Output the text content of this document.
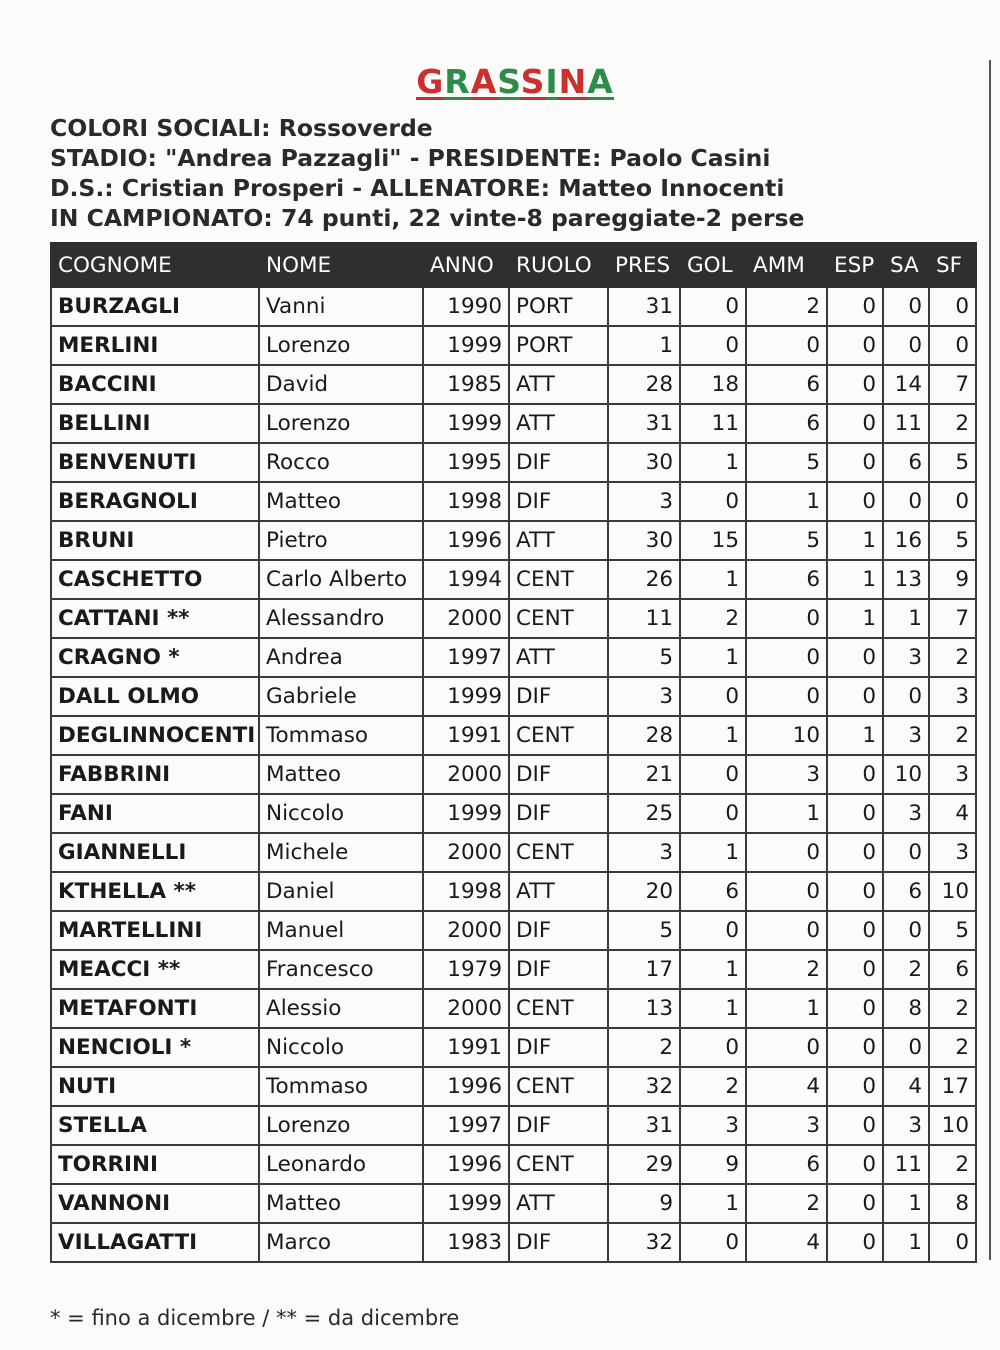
GRASSINA
COLORI SOCIALI: Rossoverde
STADIO: "Andrea Pazzagli" - PRESIDENTE: Paolo Casini
D.S.: Cristian Prosperi - ALLENATORE: Matteo Innocenti
IN CAMPIONATO: 74 punti, 22 vinte-8 pareggiate-2 perse
COGNOME	NOME	ANNO	RUOLO	PRES	GOL	AMM	ESP	SA	SF
BURZAGLI	Vanni	1990	PORT	31	0	2	0	0	0
MERLINI	Lorenzo	1999	PORT	1	0	0	0	0	0
BACCINI	David	1985	ATT	28	18	6	0	14	7
BELLINI	Lorenzo	1999	ATT	31	11	6	0	11	2
BENVENUTI	Rocco	1995	DIF	30	1	5	0	6	5
BERAGNOLI	Matteo	1998	DIF	3	0	1	0	0	0
BRUNI	Pietro	1996	ATT	30	15	5	1	16	5
CASCHETTO	Carlo Alberto	1994	CENT	26	1	6	1	13	9
CATTANI **	Alessandro	2000	CENT	11	2	0	1	1	7
CRAGNO *	Andrea	1997	ATT	5	1	0	0	3	2
DALL OLMO	Gabriele	1999	DIF	3	0	0	0	0	3
DEGLINNOCENTI	Tommaso	1991	CENT	28	1	10	1	3	2
FABBRINI	Matteo	2000	DIF	21	0	3	0	10	3
FANI	Niccolo	1999	DIF	25	0	1	0	3	4
GIANNELLI	Michele	2000	CENT	3	1	0	0	0	3
KTHELLA **	Daniel	1998	ATT	20	6	0	0	6	10
MARTELLINI	Manuel	2000	DIF	5	0	0	0	0	5
MEACCI **	Francesco	1979	DIF	17	1	2	0	2	6
METAFONTI	Alessio	2000	CENT	13	1	1	0	8	2
NENCIOLI *	Niccolo	1991	DIF	2	0	0	0	0	2
NUTI	Tommaso	1996	CENT	32	2	4	0	4	17
STELLA	Lorenzo	1997	DIF	31	3	3	0	3	10
TORRINI	Leonardo	1996	CENT	29	9	6	0	11	2
VANNONI	Matteo	1999	ATT	9	1	2	0	1	8
VILLAGATTI	Marco	1983	DIF	32	0	4	0	1	0
* = fino a dicembre / ** = da dicembre
